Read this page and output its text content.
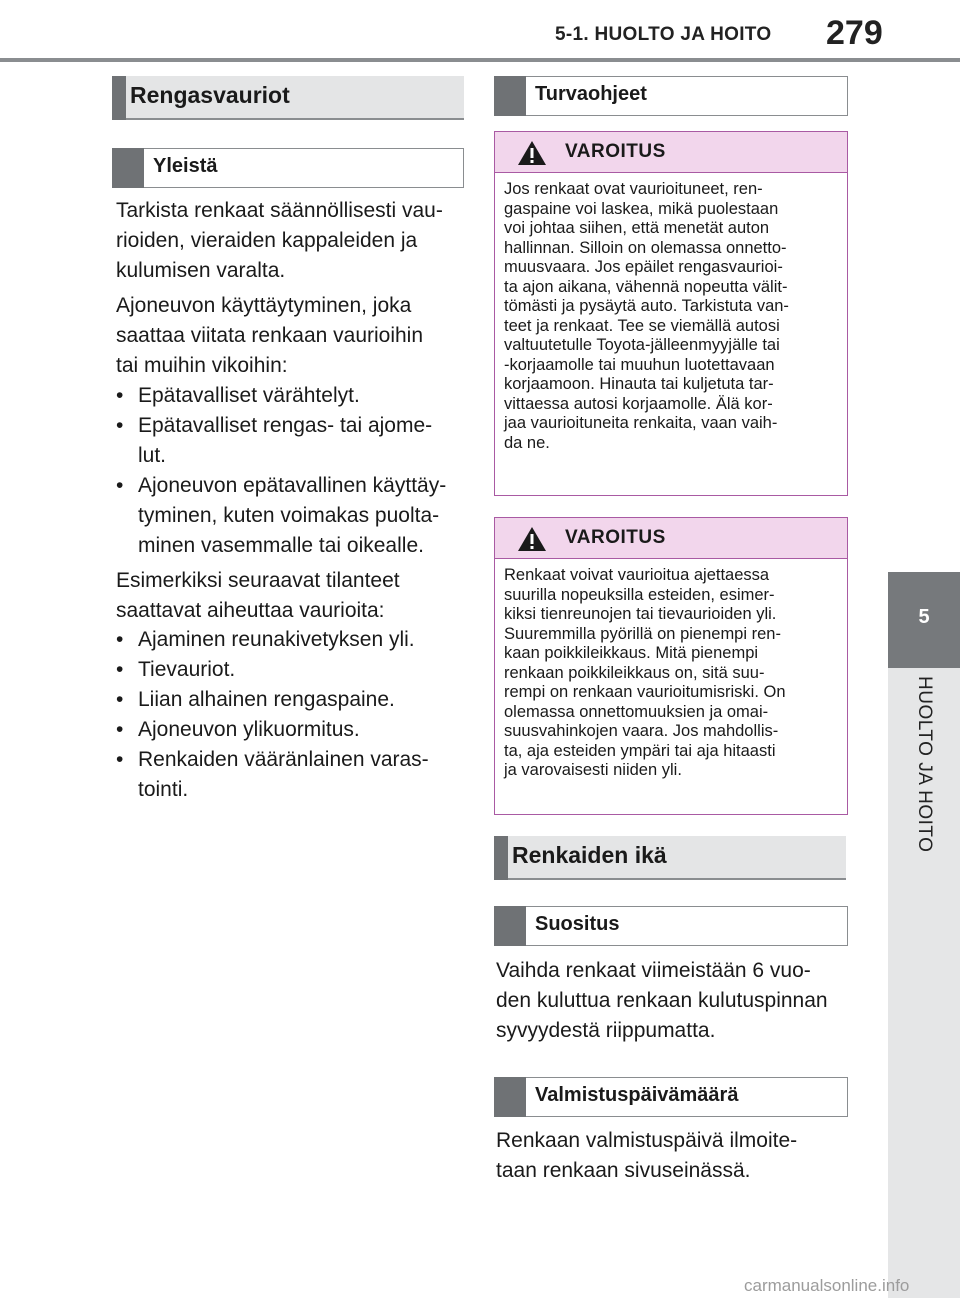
5-1. HUOLTO JA HOITO 279
5
HUOLTO JA HOITO
Rengasvauriot
Yleistä
Tarkista renkaat säännöllisesti vau-
rioiden, vieraiden kappaleiden ja
kulumisen varalta.
Ajoneuvon käyttäytyminen, joka
saattaa viitata renkaan vaurioihin
tai muihin vikoihin:
• Epätavalliset värähtelyt.
• Epätavalliset rengas- tai ajome-
lut.
• Ajoneuvon epätavallinen käyttäy-
tyminen, kuten voimakas puolta-
minen vasemmalle tai oikealle.
Esimerkiksi seuraavat tilanteet
saattavat aiheuttaa vaurioita:
• Ajaminen reunakivetyksen yli.
• Tievauriot.
• Liian alhainen rengaspaine.
• Ajoneuvon ylikuormitus.
• Renkaiden vääränlainen varas-
tointi.
Turvaohjeet
VAROITUS
Jos renkaat ovat vaurioituneet, ren-
gaspaine voi laskea, mikä puolestaan
voi johtaa siihen, että menetät auton
hallinnan. Silloin on olemassa onnetto-
muusvaara. Jos epäilet rengasvaurioi-
ta ajon aikana, vähennä nopeutta välit-
tömästi ja pysäytä auto. Tarkistuta van-
teet ja renkaat. Tee se viemällä autosi
valtuutetulle Toyota-jälleenmyyjälle tai
-korjaamolle tai muuhun luotettavaan
korjaamoon. Hinauta tai kuljetuta tar-
vittaessa autosi korjaamolle. Älä kor-
jaa vaurioituneita renkaita, vaan vaih-
da ne.
VAROITUS
Renkaat voivat vaurioitua ajettaessa
suurilla nopeuksilla esteiden, esimer-
kiksi tienreunojen tai tievaurioiden yli.
Suuremmilla pyörillä on pienempi ren-
kaan poikkileikkaus. Mitä pienempi
renkaan poikkileikkaus on, sitä suu-
rempi on renkaan vaurioitumisriski. On
olemassa onnettomuuksien ja omai-
suusvahinkojen vaara. Jos mahdollis-
ta, aja esteiden ympäri tai aja hitaasti
ja varovaisesti niiden yli.
Renkaiden ikä
Suositus
Vaihda renkaat viimeistään 6 vuo-
den kuluttua renkaan kulutuspinnan
syvyydestä riippumatta.
Valmistuspäivämäärä
Renkaan valmistuspäivä ilmoite-
taan renkaan sivuseinässä.
carmanualsonline.info
